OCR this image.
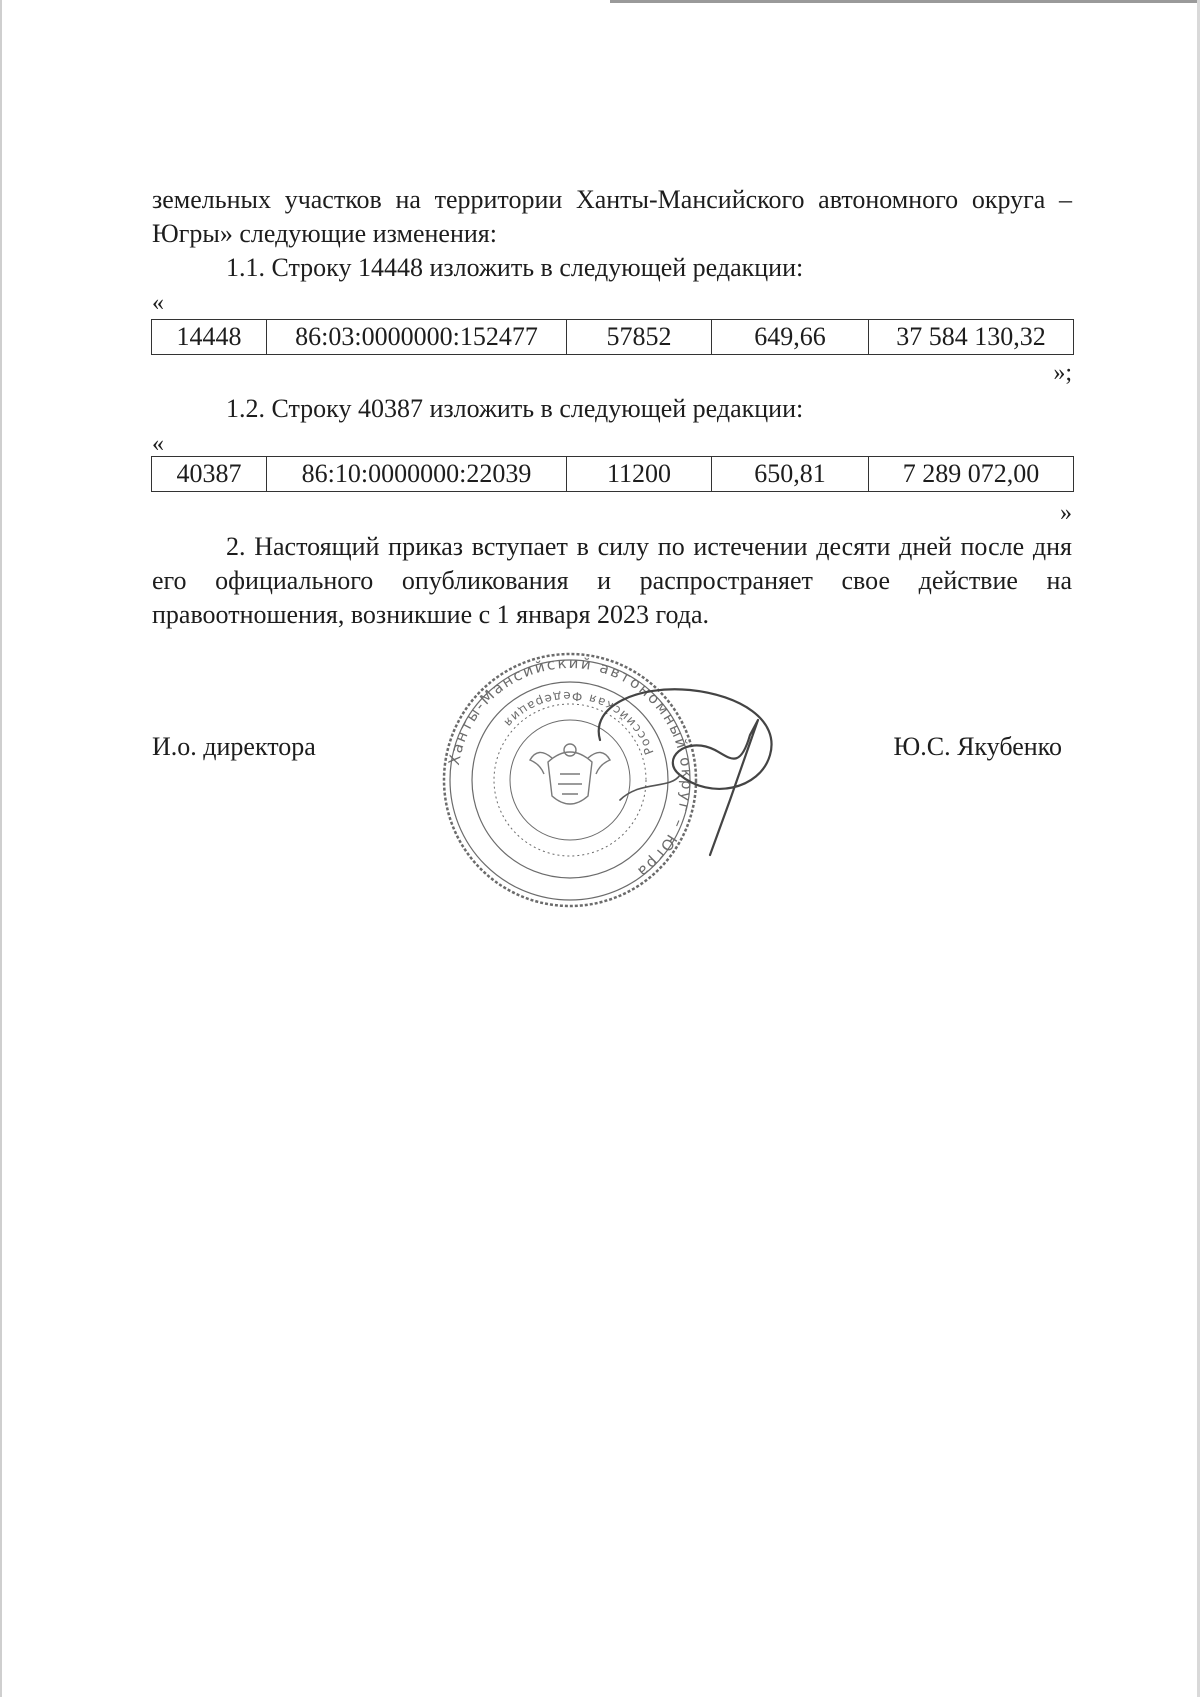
земельных участков на территории Ханты-Мансийского автономного округа – Югры» следующие изменения:

1.1. Строку 14448 изложить в следующей редакции:

«
14448	86:03:0000000:152477	57852	649,66	37 584 130,32
»;

1.2. Строку 40387 изложить в следующей редакции:

«
40387	86:10:0000000:22039	11200	650,81	7 289 072,00
»

2. Настоящий приказ вступает в силу по истечении десяти дней после дня его официального опубликования и распространяет свое действие на правоотношения, возникшие с 1 января 2023 года.

Ханты-Мансийский автономный округ – Югра
Российская Федерация
И.о. директора	Ю.С. Якубенко
